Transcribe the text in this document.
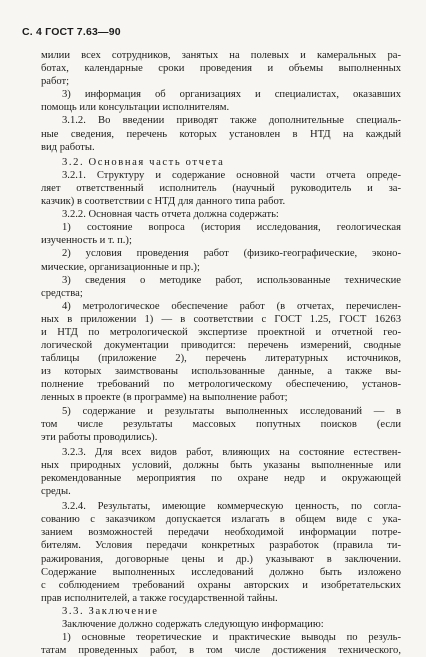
С. 4 ГОСТ 7.63—90

милии всех сотрудников, занятых на полевых и камеральных ра-

ботах, календарные сроки проведения и объемы выполненных

работ;

3) информация об организациях и специалистах, оказавших

помощь или консультации исполнителям.

3.1.2. Во введении приводят также дополнительные специаль-

ные сведения, перечень которых установлен в НТД на каждый

вид работы.

3.2. Основная часть отчета

3.2.1. Структуру и содержание основной части отчета опреде-

ляет ответственный исполнитель (научный руководитель и за-

казчик) в соответствии с НТД для данного типа работ.

3.2.2. Основная часть отчета должна содержать:

1) состояние вопроса (история исследования, геологическая

изученность и т. п.);

2) условия проведения работ (физико-географические, эконо-

мические, организационные и пр.);

3) сведения о методике работ, использованные технические

средства;

4) метрологическое обеспечение работ (в отчетах, перечислен-

ных в приложении 1) — в соответствии с ГОСТ 1.25, ГОСТ 16263

и НТД по метрологической экспертизе проектной и отчетной гео-

логической документации приводится: перечень измерений, сводные

таблицы (приложение 2), перечень литературных источников,

из которых заимствованы использованные данные, а также вы-

полнение требований по метрологическому обеспечению, установ-

ленных в проекте (в программе) на выполнение работ;

5) содержание и результаты выполненных исследований — в

том числе результаты массовых попутных поисков (если

эти работы проводились).

3.2.3. Для всех видов работ, влияющих на состояние естествен-

ных природных условий, должны быть указаны выполненные или

рекомендованные мероприятия по охране недр и окружающей

среды.

3.2.4. Результаты, имеющие коммерческую ценность, по согла-

сованию с заказчиком допускается излагать в общем виде с ука-

занием возможностей передачи необходимой информации потре-

бителям. Условия передачи конкретных разработок (правила ти-

ражирования, договорные цены и др.) указывают в заключении.

Содержание выполненных исследований должно быть изложено

с соблюдением требований охраны авторских и изобретательских

прав исполнителей, а также государственной тайны.

3.3. Заключение

Заключение должно содержать следующую информацию:

1) основные теоретические и практические выводы по резуль-

татам проведенных работ, в том числе достижения технического,
